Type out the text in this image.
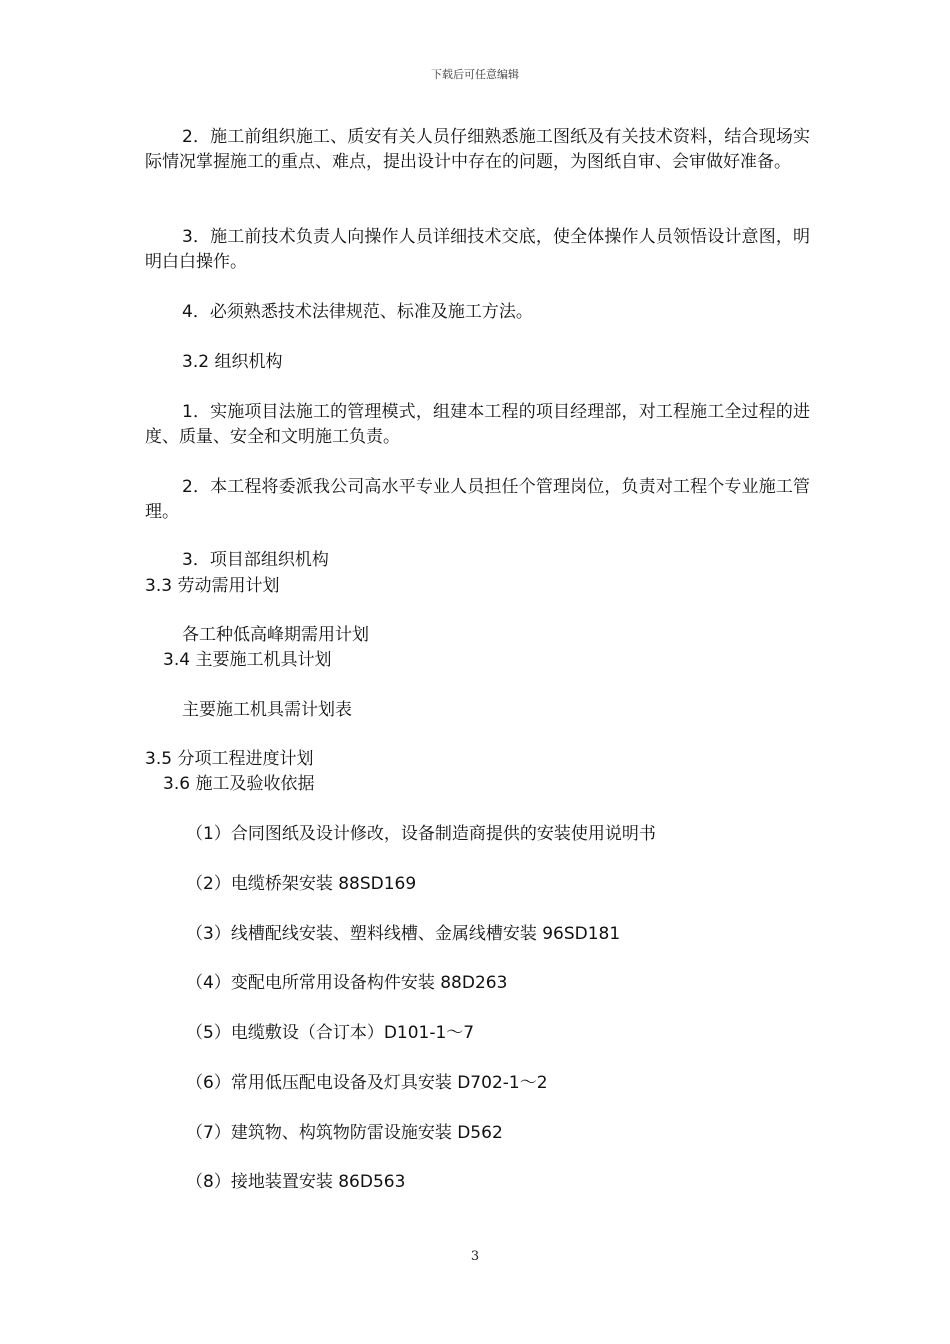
下载后可任意编辑

2．施工前组织施工、质安有关人员仔细熟悉施工图纸及有关技术资料，结合现场实际情况掌握施工的重点、难点，提出设计中存在的问题，为图纸自审、会审做好准备。

3．施工前技术负责人向操作人员详细技术交底，使全体操作人员领悟设计意图，明明白白操作。

4．必须熟悉技术法律规范、标准及施工方法。

3.2 组织机构

1．实施项目法施工的管理模式，组建本工程的项目经理部，对工程施工全过程的进度、质量、安全和文明施工负责。

2．本工程将委派我公司高水平专业人员担任个管理岗位，负责对工程个专业施工管理。

3．项目部组织机构

3.3 劳动需用计划

各工种低高峰期需用计划

3.4 主要施工机具计划

主要施工机具需计划表

3.5 分项工程进度计划

3.6 施工及验收依据

（1）合同图纸及设计修改，设备制造商提供的安装使用说明书

（2）电缆桥架安装 88SD169

（3）线槽配线安装、塑料线槽、金属线槽安装 96SD181

（4）变配电所常用设备构件安装 88D263

（5）电缆敷设（合订本）D101-1～7

（6）常用低压配电设备及灯具安装 D702-1～2

（7）建筑物、构筑物防雷设施安装 D562

（8）接地装置安装 86D563

3
